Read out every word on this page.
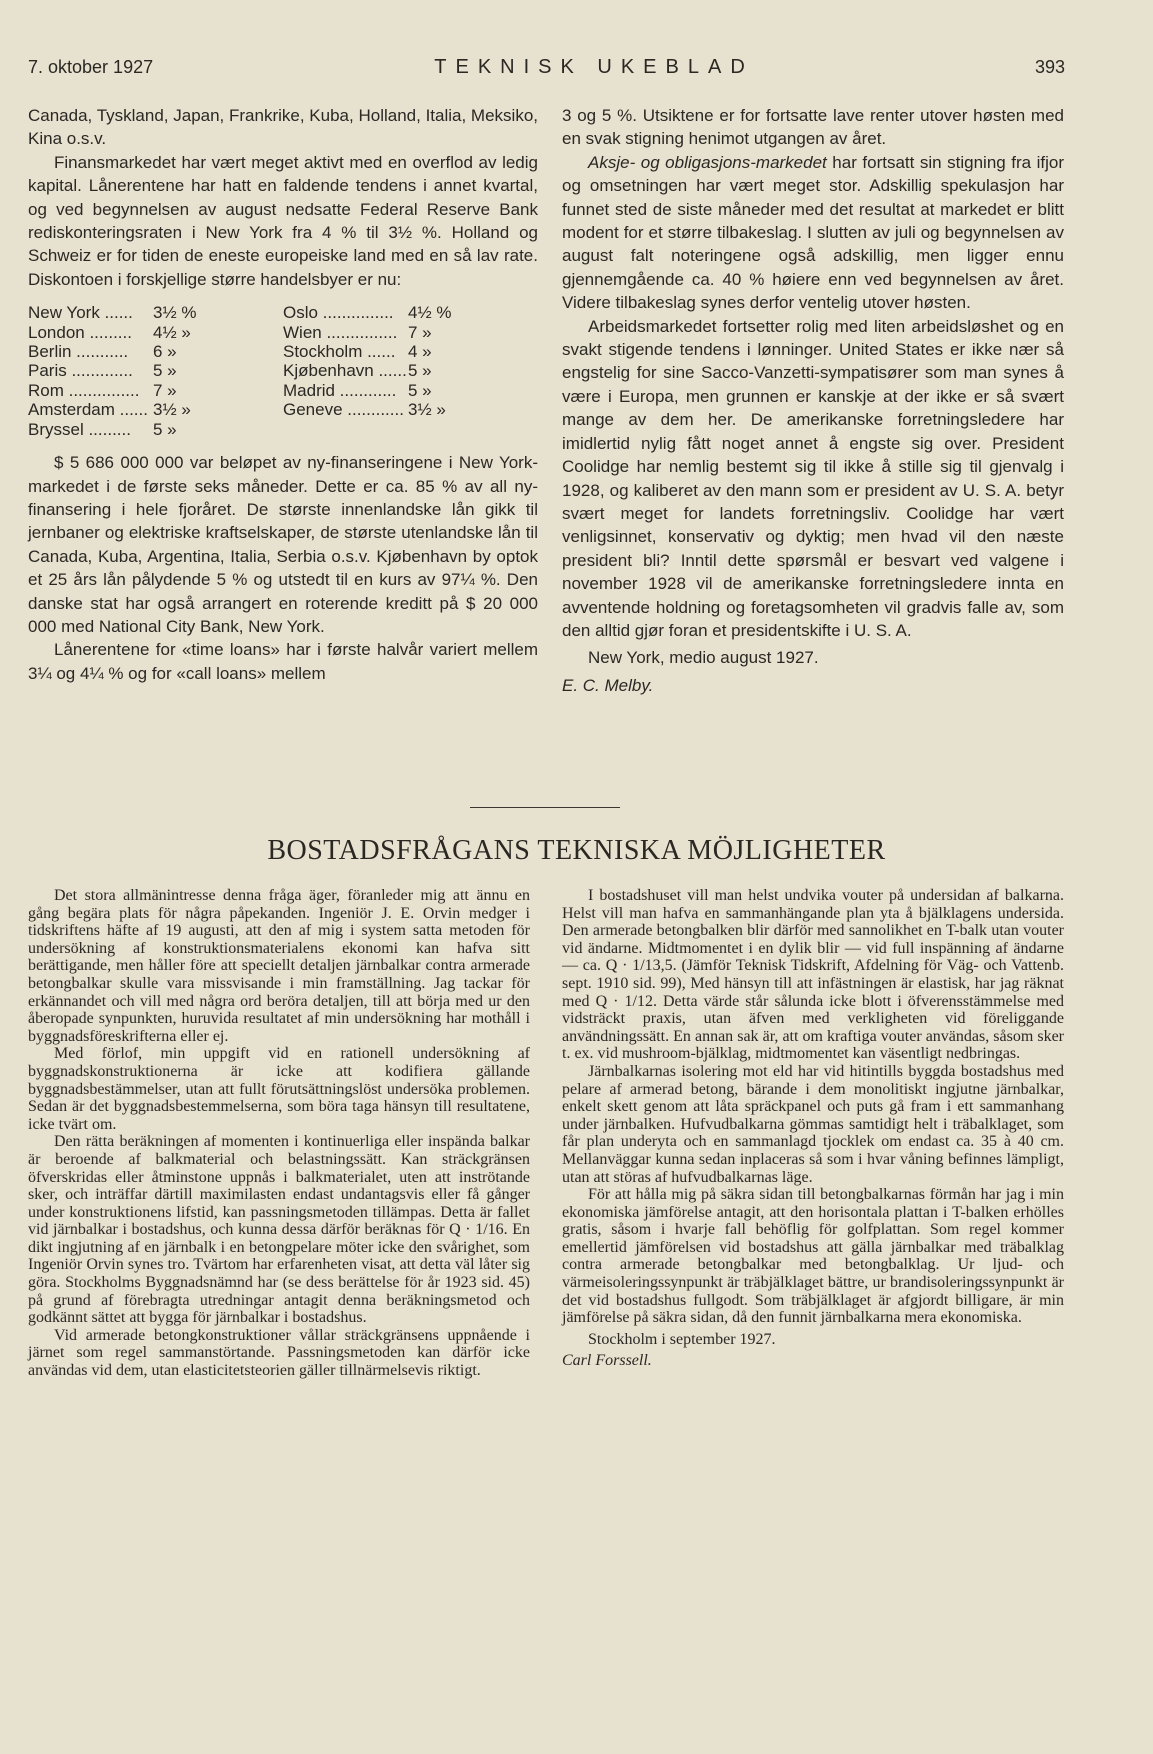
7. oktober 1927	TEKNISK UKEBLAD	393

Canada, Tyskland, Japan, Frankrike, Kuba, Holland, Italia, Meksiko, Kina o.s.v.

Finansmarkedet har vært meget aktivt med en overflod av ledig kapital. Lånerentene har hatt en faldende tendens i annet kvartal, og ved begynnelsen av august nedsatte Federal Reserve Bank rediskonteringsraten i New York fra 4 % til 3½ %. Holland og Schweiz er for tiden de eneste europeiske land med en så lav rate. Diskontoen i forskjellige større handelsbyer er nu:

New York ......	3½ %	Oslo ............... 4½ %
London .........	4½ »	Wien ............... 7 »
Berlin ...........	6 »	Stockholm ...... 4 »
Paris .............	5 »	Kjøbenhavn ...... 5 »
Rom ............... 7 »	Madrid ............ 5 »
Amsterdam ...... 3½ »	Geneve ............ 3½ »
Bryssel .........	5 »

$ 5 686 000 000 var beløpet av ny-finanseringene i New York-markedet i de første seks måneder. Dette er ca. 85 % av all ny-finansering i hele fjoråret. De største innenlandske lån gikk til jernbaner og elektriske kraftselskaper, de største utenlandske lån til Canada, Kuba, Argentina, Italia, Serbia o.s.v. Kjøbenhavn by optok et 25 års lån pålydende 5 % og utstedt til en kurs av 97¼ %. Den danske stat har også arrangert en roterende kreditt på $ 20 000 000 med National City Bank, New York.

Lånerentene for «time loans» har i første halvår variert mellem 3¼ og 4¼ % og for «call loans» mellem

3 og 5 %. Utsiktene er for fortsatte lave renter utover høsten med en svak stigning henimot utgangen av året.

Aksje- og obligasjons-markedet har fortsatt sin stigning fra ifjor og omsetningen har vært meget stor. Adskillig spekulasjon har funnet sted de siste måneder med det resultat at markedet er blitt modent for et større tilbakeslag. I slutten av juli og begynnelsen av august falt noteringene også adskillig, men ligger ennu gjennemgående ca. 40 % høiere enn ved begynnelsen av året. Videre tilbakeslag synes derfor ventelig utover høsten.

Arbeidsmarkedet fortsetter rolig med liten arbeidsløshet og en svakt stigende tendens i lønninger. United States er ikke nær så engstelig for sine Sacco-Vanzetti-sympatisører som man synes å være i Europa, men grunnen er kanskje at der ikke er så svært mange av dem her. De amerikanske forretningsledere har imidlertid nylig fått noget annet å engste sig over. President Coolidge har nemlig bestemt sig til ikke å stille sig til gjenvalg i 1928, og kaliberet av den mann som er president av U. S. A. betyr svært meget for landets forretningsliv. Coolidge har vært venligsinnet, konservativ og dyktig; men hvad vil den næste president bli? Inntil dette spørsmål er besvart ved valgene i november 1928 vil de amerikanske forretningsledere innta en avventende holdning og foretagsomheten vil gradvis falle av, som den alltid gjør foran et presidentskifte i U. S. A.

New York, medio august 1927.

E. C. Melby.

BOSTADSFRÅGANS TEKNISKA MÖJLIGHETER

Det stora allmänintresse denna fråga äger, föranleder mig att ännu en gång begära plats för några påpekanden. Ingeniör J. E. Orvin medger i tidskriftens häfte af 19 augusti, att den af mig i system satta metoden för undersökning af konstruktionsmaterialens ekonomi kan hafva sitt berättigande, men håller före att speciellt detaljen järnbalkar contra armerade betongbalkar skulle vara missvisande i min framställning. Jag tackar för erkännandet och vill med några ord beröra detaljen, till att börja med ur den åberopade synpunkten, huruvida resultatet af min undersökning har mothåll i byggnadsföreskrifterna eller ej.

Med förlof, min uppgift vid en rationell undersökning af byggnadskonstruktionerna är icke att kodifiera gällande byggnadsbestämmelser, utan att fullt förutsättningslöst undersöka problemen. Sedan är det byggnadsbestemmelserna, som böra taga hänsyn till resultatene, icke tvärt om.

Den rätta beräkningen af momenten i kontinuerliga eller inspända balkar är beroende af balkmaterial och belastningssätt. Kan sträckgränsen öfverskridas eller åtminstone uppnås i balkmaterialet, uten att inströtande sker, och inträffar därtill maximilasten endast undantagsvis eller få gånger under konstruktionens lifstid, kan passningsmetoden tillämpas. Detta är fallet vid järnbalkar i bostadshus, och kunna dessa därför beräknas för Q · 1/16. En dikt ingjutning af en järnbalk i en betongpelare möter icke den svårighet, som Ingeniör Orvin synes tro. Tvärtom har erfarenheten visat, att detta väl låter sig göra. Stockholms Byggnadsnämnd har (se dess berättelse för år 1923 sid. 45) på grund af förebragta utredningar antagit denna beräkningsmetod och godkännt sättet att bygga för järnbalkar i bostadshus.

Vid armerade betongkonstruktioner vållar sträckgränsens uppnående i järnet som regel sammanstörtande. Passningsmetoden kan därför icke användas vid dem, utan elasticitetsteorien gäller tillnärmelsevis riktigt.

I bostadshuset vill man helst undvika vouter på undersidan af balkarna. Helst vill man hafva en sammanhängande plan yta å bjälklagens undersida. Den armerade betongbalken blir därför med sannolikhet en T-balk utan vouter vid ändarne. Midtmomentet i en dylik blir — vid full inspänning af ändarne — ca. Q · 1/13,5. (Jämför Teknisk Tidskrift, Afdelning för Väg- och Vattenb. sept. 1910 sid. 99), Med hänsyn till att infästningen är elastisk, har jag räknat med Q · 1/12. Detta värde står sålunda icke blott i öfverensstämmelse med vidsträckt praxis, utan äfven med verkligheten vid föreliggande användningssätt. En annan sak är, att om kraftiga vouter användas, såsom sker t. ex. vid mushroom-bjälklag, midtmomentet kan väsentligt nedbringas.

Järnbalkarnas isolering mot eld har vid hitintills byggda bostadshus med pelare af armerad betong, bärande i dem monolitiskt ingjutne järnbalkar, enkelt skett genom att låta spräckpanel och puts gå fram i ett sammanhang under järnbalken. Hufvudbalkarna gömmas samtidigt helt i träbalklaget, som får plan underyta och en sammanlagd tjocklek om endast ca. 35 à 40 cm. Mellanväggar kunna sedan inplaceras så som i hvar våning befinnes lämpligt, utan att störas af hufvudbalkarnas läge.

För att hålla mig på säkra sidan till betongbalkarnas förmån har jag i min ekonomiska jämförelse antagit, att den horisontala plattan i T-balken erhölles gratis, såsom i hvarje fall behöflig för golfplattan. Som regel kommer emellertid jämförelsen vid bostadshus att gälla järnbalkar med träbalklag contra armerade betongbalkar med betongbalklag. Ur ljud- och värmeisoleringssynpunkt är träbjälklaget bättre, ur brandisoleringssynpunkt är det vid bostadshus fullgodt. Som träbjälklaget är afgjordt billigare, är min jämförelse på säkra sidan, då den funnit järnbalkarna mera ekonomiska.

Stockholm i september 1927.

Carl Forssell.
